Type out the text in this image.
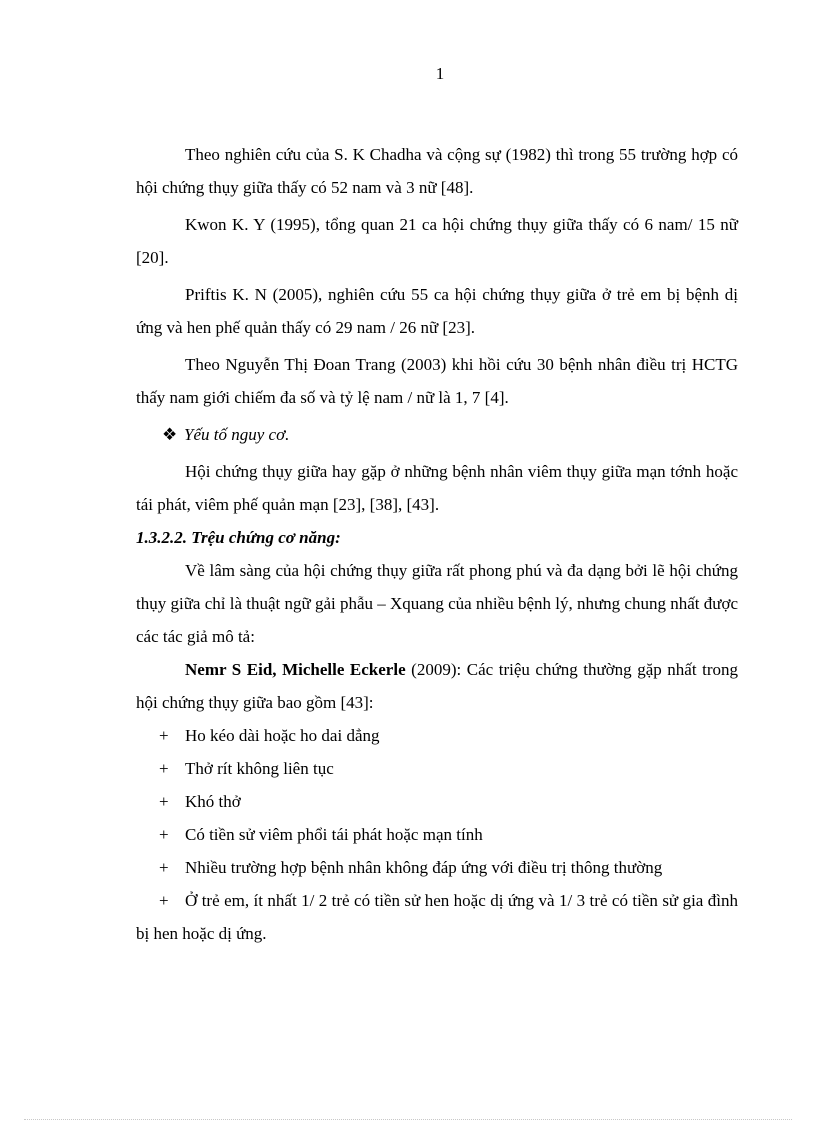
1

Theo nghiên cứu của S. K Chadha và cộng sự (1982) thì trong 55 trường hợp có hội chứng thụy giữa thấy có 52 nam và 3 nữ [48].

Kwon K. Y (1995), tổng quan 21 ca hội chứng thụy giữa thấy có 6 nam/ 15 nữ [20].

Priftis K. N (2005), nghiên cứu 55 ca hội chứng thụy giữa ở trẻ em bị bệnh dị ứng và hen phế quản thấy có 29 nam / 26 nữ [23].

Theo Nguyễn Thị Đoan Trang (2003) khi hồi cứu 30 bệnh nhân điều trị HCTG thấy nam giới chiếm đa số và tỷ lệ nam / nữ là 1, 7 [4].

❖ Yếu tố nguy cơ.

Hội chứng thụy giữa hay gặp ở những bệnh nhân viêm thụy giữa mạn tớnh hoặc tái phát, viêm phế quản mạn [23], [38], [43].

1.3.2.2. Trệu chứng cơ năng:

Về lâm sàng của hội chứng thụy giữa rất phong phú và đa dạng bởi lẽ hội chứng thụy giữa chỉ là thuật ngữ gải phẫu – Xquang của nhiều bệnh lý, nhưng chung nhất được các tác giả mô tả:

Nemr S Eid, Michelle Eckerle (2009): Các triệu chứng thường gặp nhất trong hội chứng thụy giữa bao gồm [43]:

+ Ho kéo dài hoặc ho dai dẳng
+ Thở rít không liên tục
+ Khó thở
+ Có tiền sử viêm phổi tái phát hoặc mạn tính
+ Nhiều trường hợp bệnh nhân không đáp ứng với điều trị thông thường
+ Ở trẻ em, ít nhất 1/ 2 trẻ có tiền sử hen hoặc dị ứng và 1/ 3 trẻ có tiền sử gia đình bị hen hoặc dị ứng.
